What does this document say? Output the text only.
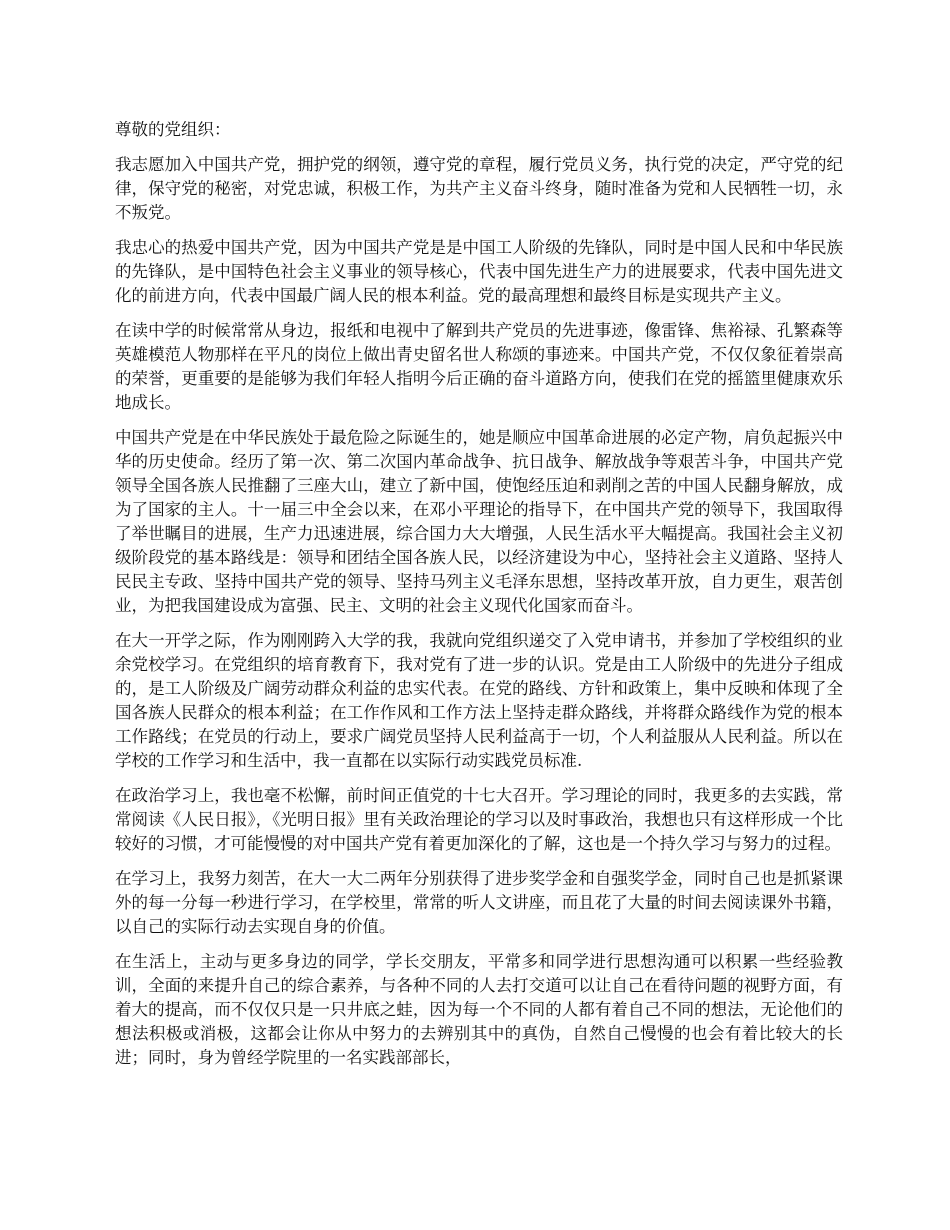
尊敬的党组织：

我志愿加入中国共产党，拥护党的纲领，遵守党的章程，履行党员义务，执行党的决定，严守党的纪律，保守党的秘密，对党忠诚，积极工作，为共产主义奋斗终身，随时准备为党和人民牺牲一切，永不叛党。

我忠心的热爱中国共产党，因为中国共产党是是中国工人阶级的先锋队，同时是中国人民和中华民族的先锋队，是中国特色社会主义事业的领导核心，代表中国先进生产力的进展要求，代表中国先进文化的前进方向，代表中国最广阔人民的根本利益。党的最高理想和最终目标是实现共产主义。

在读中学的时候常常从身边，报纸和电视中了解到共产党员的先进事迹，像雷锋、焦裕禄、孔繁森等英雄模范人物那样在平凡的岗位上做出青史留名世人称颂的事迹来。中国共产党，不仅仅象征着崇高的荣誉，更重要的是能够为我们年轻人指明今后正确的奋斗道路方向，使我们在党的摇篮里健康欢乐地成长。

中国共产党是在中华民族处于最危险之际诞生的，她是顺应中国革命进展的必定产物，肩负起振兴中华的历史使命。经历了第一次、第二次国内革命战争、抗日战争、解放战争等艰苦斗争，中国共产党领导全国各族人民推翻了三座大山，建立了新中国，使饱经压迫和剥削之苦的中国人民翻身解放，成为了国家的主人。十一届三中全会以来，在邓小平理论的指导下，在中国共产党的领导下，我国取得了举世瞩目的进展，生产力迅速进展，综合国力大大增强，人民生活水平大幅提高。我国社会主义初级阶段党的基本路线是：领导和团结全国各族人民，以经济建设为中心，坚持社会主义道路、坚持人民民主专政、坚持中国共产党的领导、坚持马列主义毛泽东思想，坚持改革开放，自力更生，艰苦创业，为把我国建设成为富强、民主、文明的社会主义现代化国家而奋斗。

在大一开学之际，作为刚刚跨入大学的我，我就向党组织递交了入党申请书，并参加了学校组织的业余党校学习。在党组织的培育教育下，我对党有了进一步的认识。党是由工人阶级中的先进分子组成的，是工人阶级及广阔劳动群众利益的忠实代表。在党的路线、方针和政策上，集中反映和体现了全国各族人民群众的根本利益；在工作作风和工作方法上坚持走群众路线，并将群众路线作为党的根本工作路线；在党员的行动上，要求广阔党员坚持人民利益高于一切，个人利益服从人民利益。所以在学校的工作学习和生活中，我一直都在以实际行动实践党员标准.

在政治学习上，我也毫不松懈，前时间正值党的十七大召开。学习理论的同时，我更多的去实践，常常阅读《人民日报》，《光明日报》里有关政治理论的学习以及时事政治，我想也只有这样形成一个比较好的习惯，才可能慢慢的对中国共产党有着更加深化的了解，这也是一个持久学习与努力的过程。

在学习上，我努力刻苦，在大一大二两年分别获得了进步奖学金和自强奖学金，同时自己也是抓紧课外的每一分每一秒进行学习，在学校里，常常的听人文讲座，而且花了大量的时间去阅读课外书籍，以自己的实际行动去实现自身的价值。

在生活上，主动与更多身边的同学，学长交朋友，平常多和同学进行思想沟通可以积累一些经验教训，全面的来提升自己的综合素养，与各种不同的人去打交道可以让自己在看待问题的视野方面，有着大的提高，而不仅仅只是一只井底之蛙，因为每一个不同的人都有着自己不同的想法，无论他们的想法积极或消极，这都会让你从中努力的去辨别其中的真伪，自然自己慢慢的也会有着比较大的长进；同时，身为曾经学院里的一名实践部部长，
